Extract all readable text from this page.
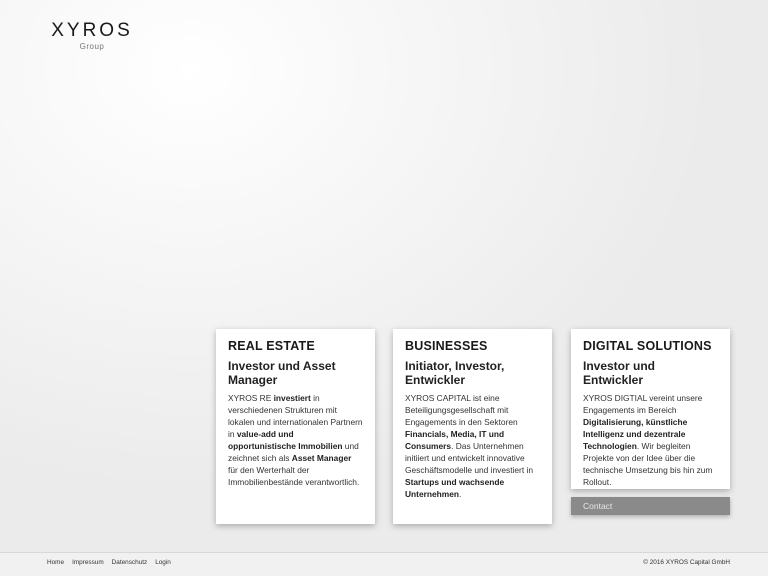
XYROS
Group
REAL ESTATE
Investor und Asset Manager

XYROS RE investiert in verschiedenen Strukturen mit lokalen und internationalen Partnern in value-add und opportunistische Immobilien und zeichnet sich als Asset Manager für den Werterhalt der Immobilienbestände verantwortlich.

BUSINESSES
Initiator, Investor, Entwickler

XYROS CAPITAL ist eine Beteiligungsgesellschaft mit Engagements in den Sektoren Financials, Media, IT und Consumers. Das Unternehmen initiiert und entwickelt innovative Geschäftsmodelle und investiert in Startups und wachsende Unternehmen.

DIGITAL SOLUTIONS
Investor und Entwickler

XYROS DIGTIAL vereint unsere Engagements im Bereich Digitalisierung, künstliche Intelligenz und dezentrale Technologien. Wir begleiten Projekte von der Idee über die technische Umsetzung bis hin zum Rollout.

Contact
Home Impressum Datenschutz Login	© 2016 XYROS Capital GmbH
